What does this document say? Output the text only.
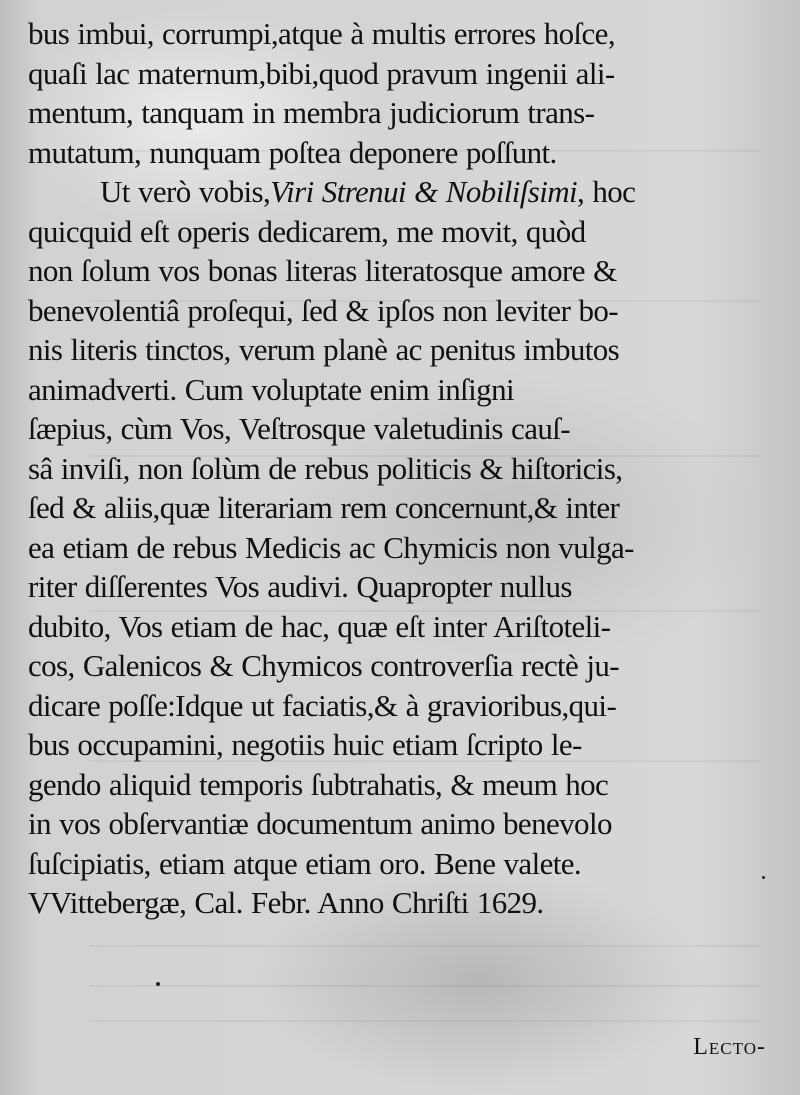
bus imbui, corrumpi,atque à multis errores hoſce,
quaſi lac maternum,bibi,quod pravum ingenii ali-
mentum, tanquam in membra judiciorum trans-
mutatum, nunquam poſtea deponere poſſunt.
Ut verò vobis,Viri Strenui & Nobiliſsimi, hoc
quicquid eſt operis dedicarem, me movit, quòd
non ſolum vos bonas literas literatosque amore &
benevolentiâ proſequi, ſed & ipſos non leviter bo-
nis literis tinctos, verum planè ac penitus imbutos
animadverti. Cum voluptate enim inſigni
ſæpius, cùm Vos, Veſtrosque valetudinis cauſ-
sâ inviſi, non ſolùm de rebus politicis & hiſtoricis,
ſed & aliis,quæ literariam rem concernunt,& inter
ea etiam de rebus Medicis ac Chymicis non vulga-
riter diſſerentes Vos audivi. Quapropter nullus
dubito, Vos etiam de hac, quæ eſt inter Ariſtoteli-
cos, Galenicos & Chymicos controverſia rectè ju-
dicare poſſe:Idque ut faciatis,& à gravioribus,qui-
bus occupamini, negotiis huic etiam ſcripto le-
gendo aliquid temporis ſubtrahatis, & meum hoc
in vos obſervantiæ documentum animo benevolo
ſuſcipiatis, etiam atque etiam oro. Bene valete.
VVittebergæ, Cal. Febr. Anno Chriſti 1629.
Lecto-
